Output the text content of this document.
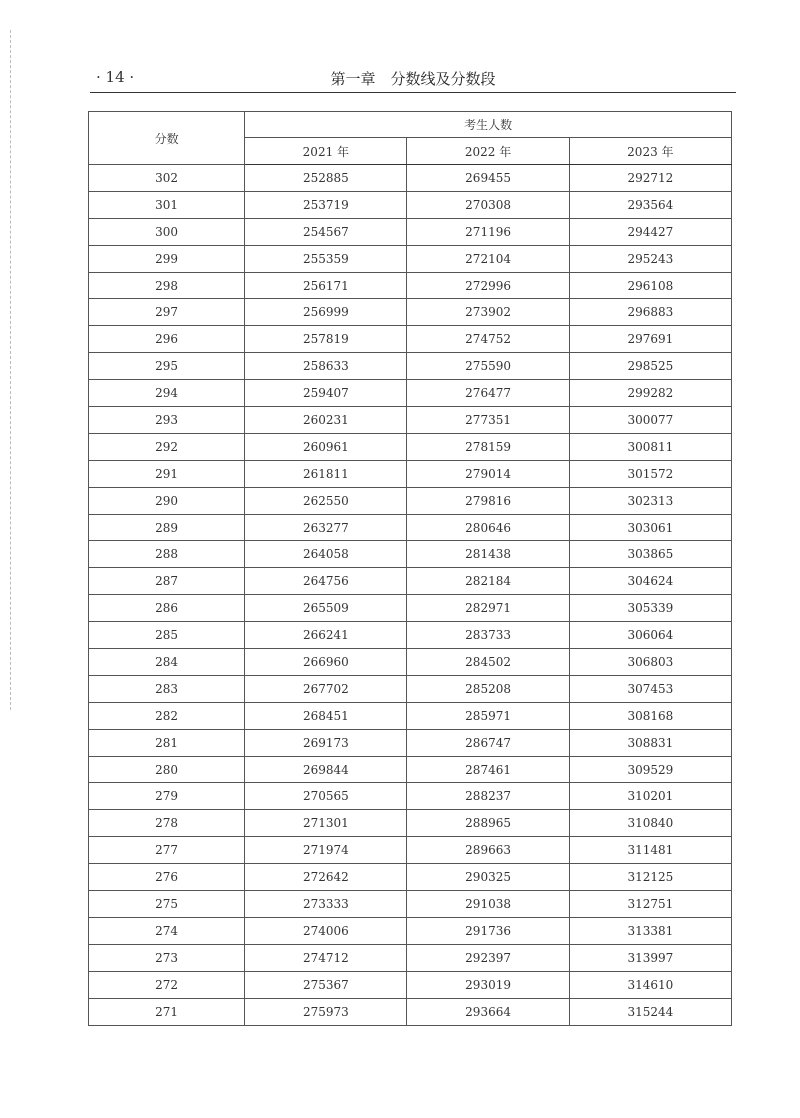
· 14 ·	第一章　分数线及分数段
分数	考生人数		
	2021 年	2022 年	2023 年
302	252885	269455	292712
301	253719	270308	293564
300	254567	271196	294427
299	255359	272104	295243
298	256171	272996	296108
297	256999	273902	296883
296	257819	274752	297691
295	258633	275590	298525
294	259407	276477	299282
293	260231	277351	300077
292	260961	278159	300811
291	261811	279014	301572
290	262550	279816	302313
289	263277	280646	303061
288	264058	281438	303865
287	264756	282184	304624
286	265509	282971	305339
285	266241	283733	306064
284	266960	284502	306803
283	267702	285208	307453
282	268451	285971	308168
281	269173	286747	308831
280	269844	287461	309529
279	270565	288237	310201
278	271301	288965	310840
277	271974	289663	311481
276	272642	290325	312125
275	273333	291038	312751
274	274006	291736	313381
273	274712	292397	313997
272	275367	293019	314610
271	275973	293664	315244
